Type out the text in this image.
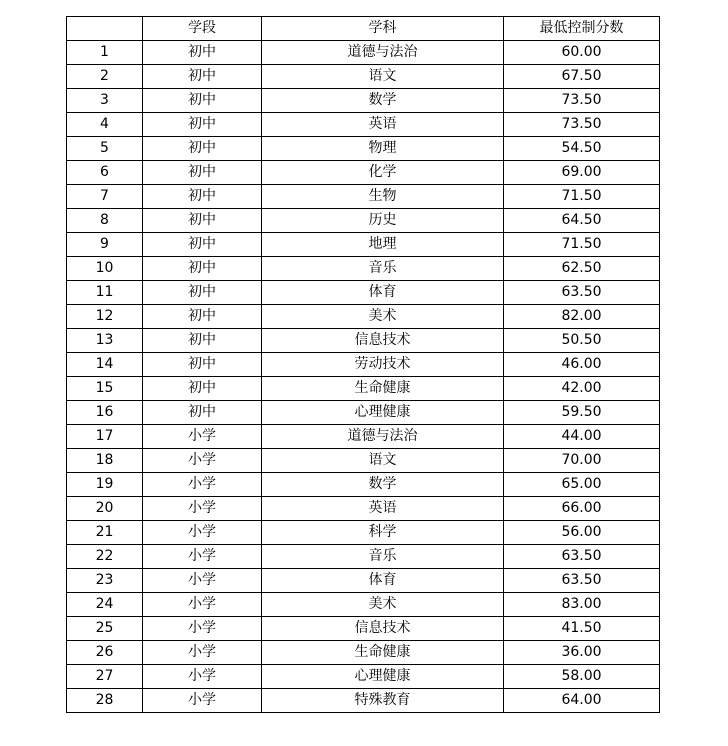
	学段	学科	最低控制分数
1	初中	道德与法治	60.00
2	初中	语文	67.50
3	初中	数学	73.50
4	初中	英语	73.50
5	初中	物理	54.50
6	初中	化学	69.00
7	初中	生物	71.50
8	初中	历史	64.50
9	初中	地理	71.50
10	初中	音乐	62.50
11	初中	体育	63.50
12	初中	美术	82.00
13	初中	信息技术	50.50
14	初中	劳动技术	46.00
15	初中	生命健康	42.00
16	初中	心理健康	59.50
17	小学	道德与法治	44.00
18	小学	语文	70.00
19	小学	数学	65.00
20	小学	英语	66.00
21	小学	科学	56.00
22	小学	音乐	63.50
23	小学	体育	63.50
24	小学	美术	83.00
25	小学	信息技术	41.50
26	小学	生命健康	36.00
27	小学	心理健康	58.00
28	小学	特殊教育	64.00
